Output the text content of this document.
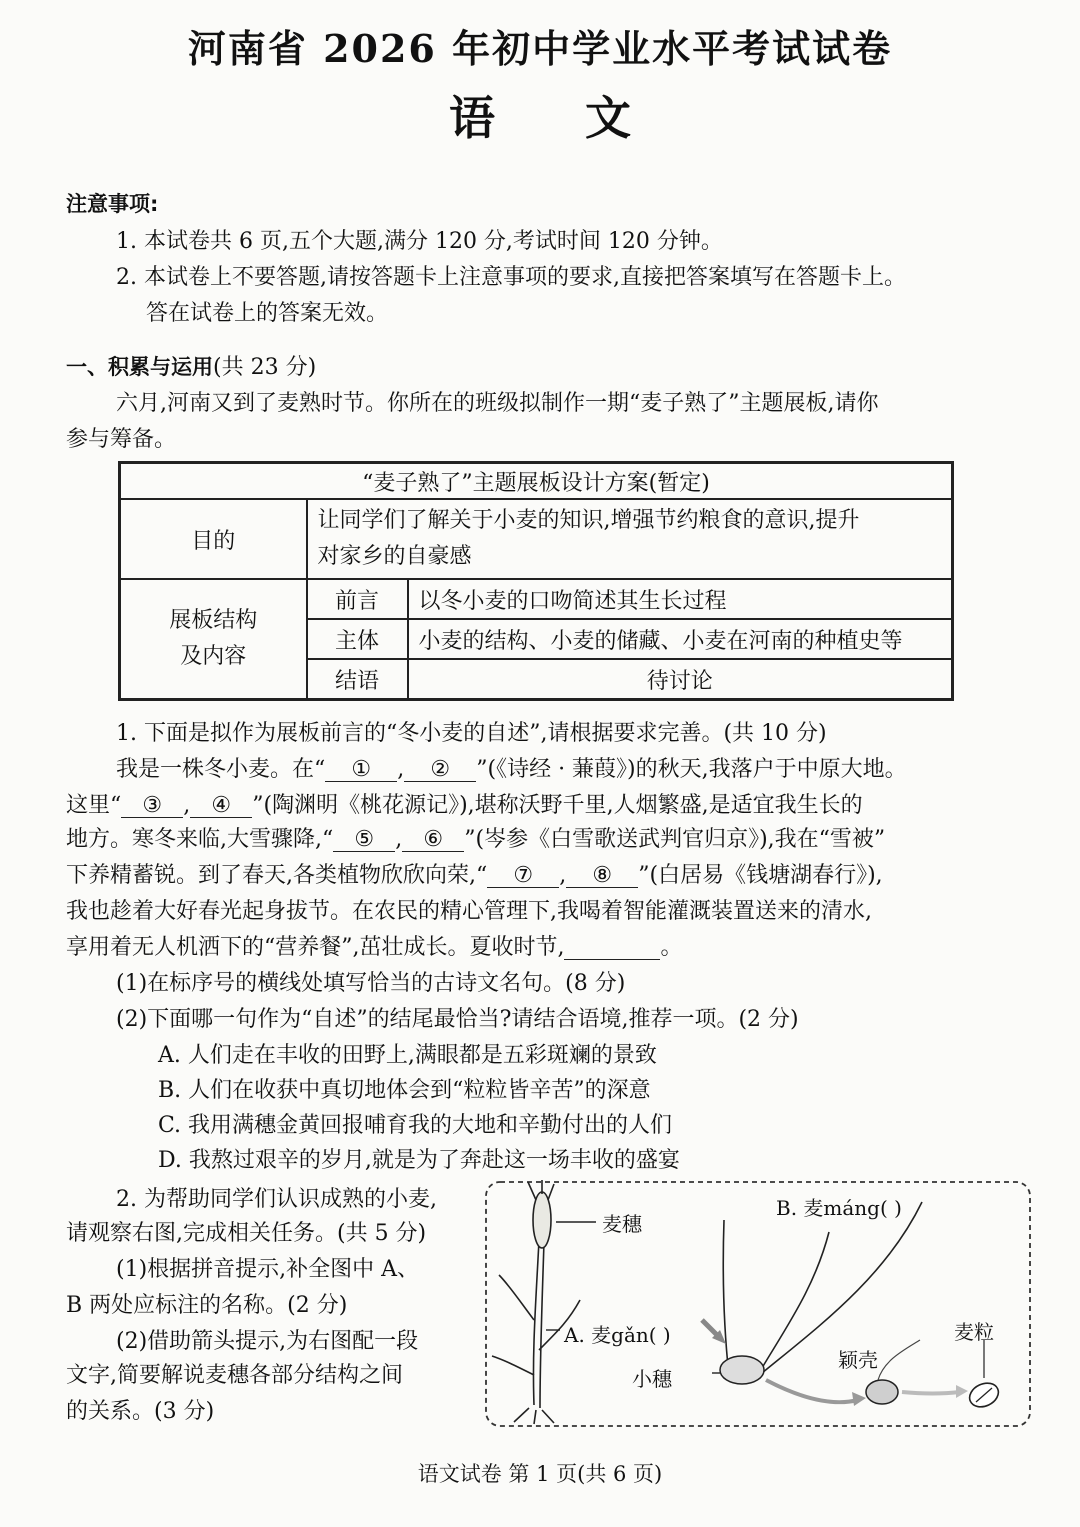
河南省 2026 年初中学业水平考试试卷
语文
注意事项:
1. 本试卷共 6 页,五个大题,满分 120 分,考试时间 120 分钟。
2. 本试卷上不要答题,请按答题卡上注意事项的要求,直接把答案填写在答题卡上。
答在试卷上的答案无效。
一、积累与运用(共 23 分)
六月,河南又到了麦熟时节。你所在的班级拟制作一期“麦子熟了”主题展板,请你
参与筹备。
“麦子熟了”主题展板设计方案(暂定)		
目的	让同学们了解关于小麦的知识,增强节约粮食的意识,提升
对家乡的自豪感	

展板结构
及内容	前言	以冬小麦的口吻简述其生长过程
	主体	小麦的结构、小麦的储藏、小麦在河南的种植史等
	结语	待讨论
1. 下面是拟作为展板前言的“冬小麦的自述”,请根据要求完善。(共 10 分)
我是一株冬小麦。在“ ① , ② ”(《诗经 · 蒹葭》)的秋天,我落户于中原大地。
这里“ ③ , ④ ”(陶渊明《桃花源记》),堪称沃野千里,人烟繁盛,是适宜我生长的
地方。寒冬来临,大雪骤降,“ ⑤ , ⑥ ”(岑参《白雪歌送武判官归京》),我在“雪被”
下养精蓄锐。到了春天,各类植物欣欣向荣,“ ⑦ , ⑧ ”(白居易《钱塘湖春行》),
我也趁着大好春光起身拔节。在农民的精心管理下,我喝着智能灌溉装置送来的清水,
享用着无人机洒下的“营养餐”,茁壮成长。夏收时节,	。
(1)在标序号的横线处填写恰当的古诗文名句。(8 分)
(2)下面哪一句作为“自述”的结尾最恰当?请结合语境,推荐一项。(2 分)
A. 人们走在丰收的田野上,满眼都是五彩斑斓的景致
B. 人们在收获中真切地体会到“粒粒皆辛苦”的深意
C. 我用满穗金黄回报哺育我的大地和辛勤付出的人们
D. 我熬过艰辛的岁月,就是为了奔赴这一场丰收的盛宴
2. 为帮助同学们认识成熟的小麦,
请观察右图,完成相关任务。(共 5 分)
(1)根据拼音提示,补全图中 A、
B 两处应标注的名称。(2 分)
(2)借助箭头提示,为右图配一段
文字,简要解说麦穗各部分结构之间
的关系。(3 分)
麦穗
A. 麦gǎn( )
B. 麦máng( )
小穗
颖壳
麦粒
语文试卷 第 1 页(共 6 页)
